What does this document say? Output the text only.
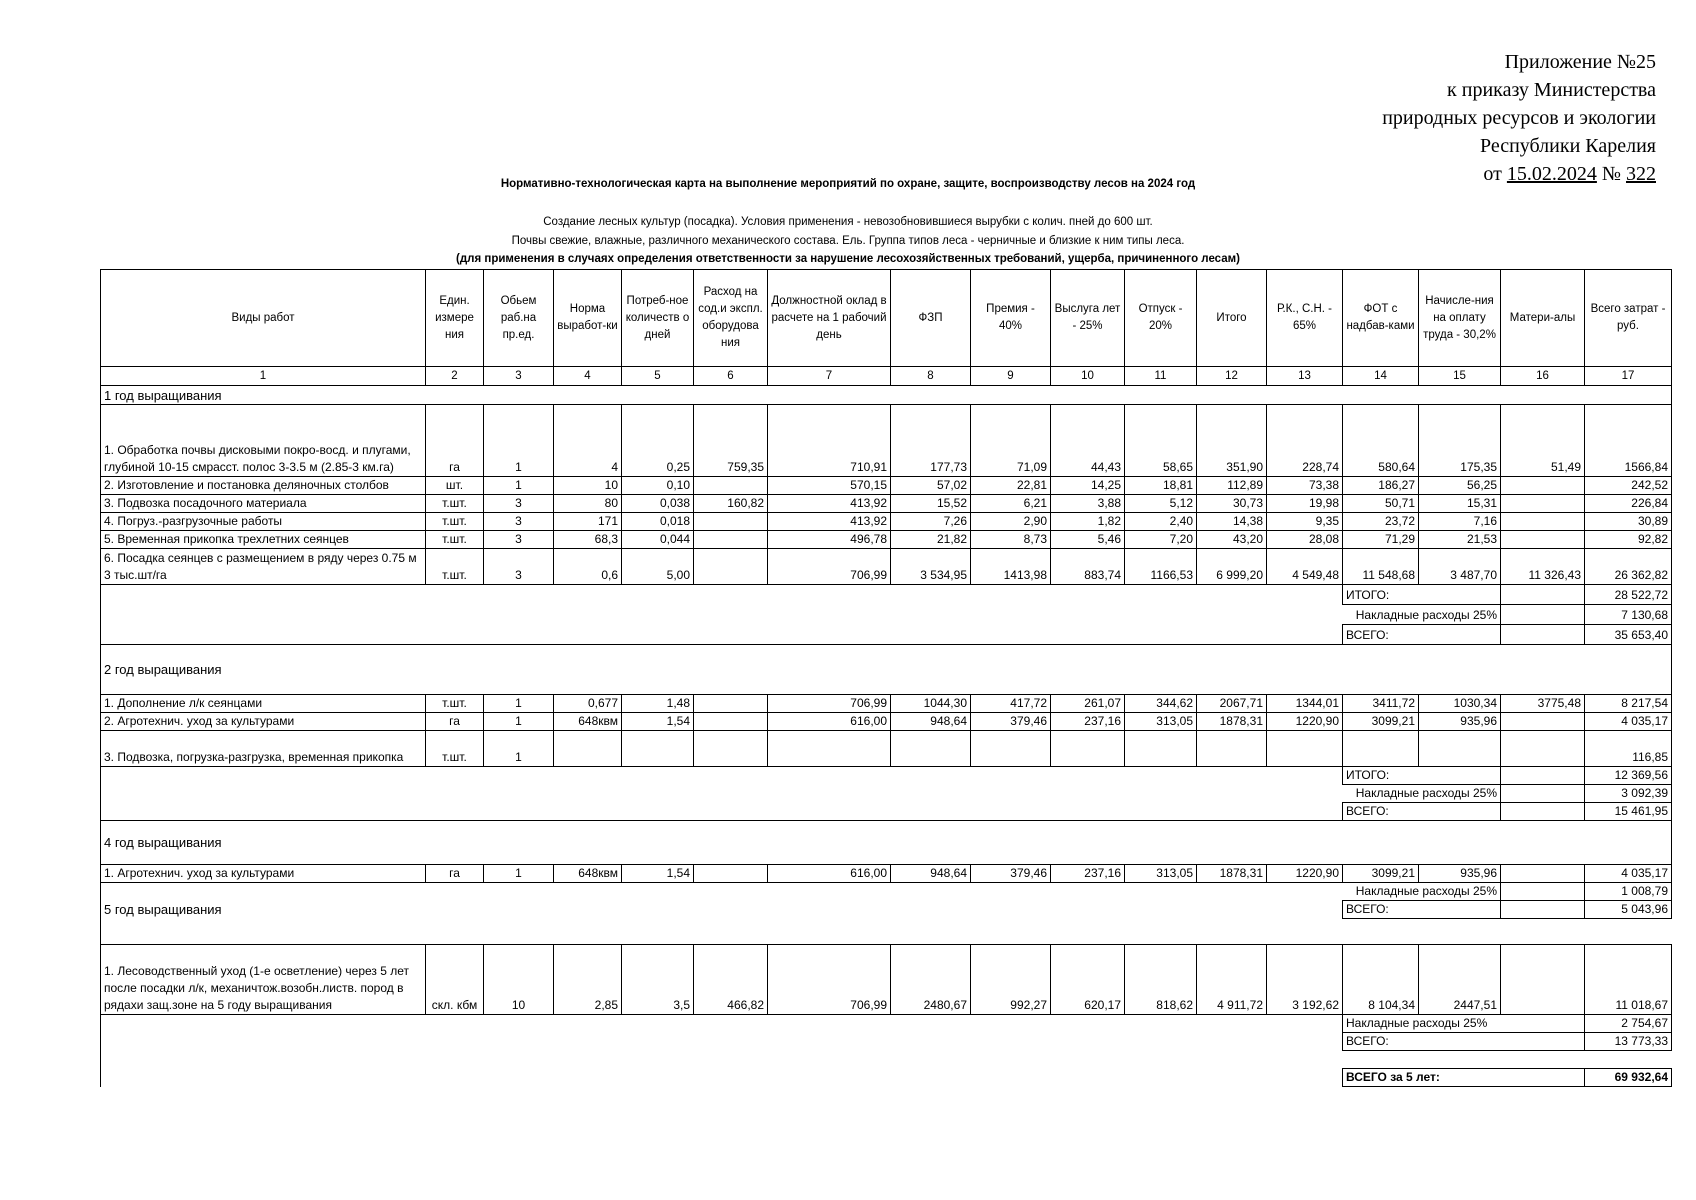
Приложение №25
к приказу Министерства
природных ресурсов и экологии
Республики Карелия
от 15.02.2024 № 322
Нормативно-технологическая карта на выполнение мероприятий по охране, защите, воспроизводству лесов на 2024 год
Создание лесных культур (посадка). Условия применения - невозобновившиеся вырубки с колич. пней до 600 шт.
Почвы свежие, влажные, различного механического состава. Ель. Группа типов леса - черничные и близкие к ним типы леса.
(для применения в случаях определения ответственности за нарушение лесохозяйственных требований, ущерба, причиненного лесам)
Виды работ	Един. измере ния	Обьем раб.на пр.ед.	Норма выработ-ки	Потреб-ное количеств о дней	Расход на сод.и экспл. оборудова ния	Должностной оклад в расчете на 1 рабочий день	ФЗП	Премия - 40%	Выслуга лет - 25%	Отпуск - 20%	Итого	Р.К., С.Н. - 65%	ФОТ с надбав-ками	Начисле-ния на оплату труда - 30,2%	Матери-алы	Всего затрат - руб.
1	2	3	4	5	6	7	8	9	10	11	12	13	14	15	16	17
1 год выращивания																
1. Обработка почвы дисковыми покро-восд. и плугами, глубиной 10-15 смрасст. полос 3-3.5 м (2.85-3 км.га)	га	1	4	0,25	759,35	710,91	177,73	71,09	44,43	58,65	351,90	228,74	580,64	175,35	51,49	1566,84
2. Изготовление и постановка деляночных столбов	шт.	1	10	0,10		570,15	57,02	22,81	14,25	18,81	112,89	73,38	186,27	56,25		242,52
3. Подвозка посадочного материала	т.шт.	3	80	0,038	160,82	413,92	15,52	6,21	3,88	5,12	30,73	19,98	50,71	15,31		226,84
4. Погруз.-разгрузочные работы	т.шт.	3	171	0,018		413,92	7,26	2,90	1,82	2,40	14,38	9,35	23,72	7,16		30,89
5. Временная прикопка трехлетних сеянцев	т.шт.	3	68,3	0,044		496,78	21,82	8,73	5,46	7,20	43,20	28,08	71,29	21,53		92,82
6. Посадка сеянцев с размещением в ряду через 0.75 м 3 тыс.шт/га	т.шт.	3	0,6	5,00		706,99	3 534,95	1413,98	883,74	1166,53	6 999,20	4 549,48	11 548,68	3 487,70	11 326,43	26 362,82
													ИТОГО:			28 522,72
													Накладные расходы 25%			7 130,68
													ВСЕГО:			35 653,40
2 год выращивания																
1. Дополнение л/к сеянцами	т.шт.	1	0,677	1,48		706,99	1044,30	417,72	261,07	344,62	2067,71	1344,01	3411,72	1030,34	3775,48	8 217,54
2. Агротехнич. уход за культурами	га	1	648квм	1,54		616,00	948,64	379,46	237,16	313,05	1878,31	1220,90	3099,21	935,96		4 035,17
3. Подвозка, погрузка-разгрузка, временная прикопка	т.шт.	1														116,85
													ИТОГО:			12 369,56
													Накладные расходы 25%			3 092,39
													ВСЕГО:			15 461,95
4 год выращивания																
1. Агротехнич. уход за культурами	га	1	648квм	1,54		616,00	948,64	379,46	237,16	313,05	1878,31	1220,90	3099,21	935,96		4 035,17
													Накладные расходы 25%			1 008,79
5 год выращивания													ВСЕГО:			5 043,96

1. Лесоводственный уход (1-е осветление) через 5 лет после посадки л/к, механичтож.возобн.листв. пород в рядахи защ.зоне на 5 году выращивания	скл. кбм	10	2,85	3,5	466,82	706,99	2480,67	992,27	620,17	818,62	4 911,72	3 192,62	8 104,34	2447,51		11 018,67
													Накладные расходы 25%			2 754,67
													ВСЕГО:			13 773,33

													ВСЕГО за 5 лет:			69 932,64
